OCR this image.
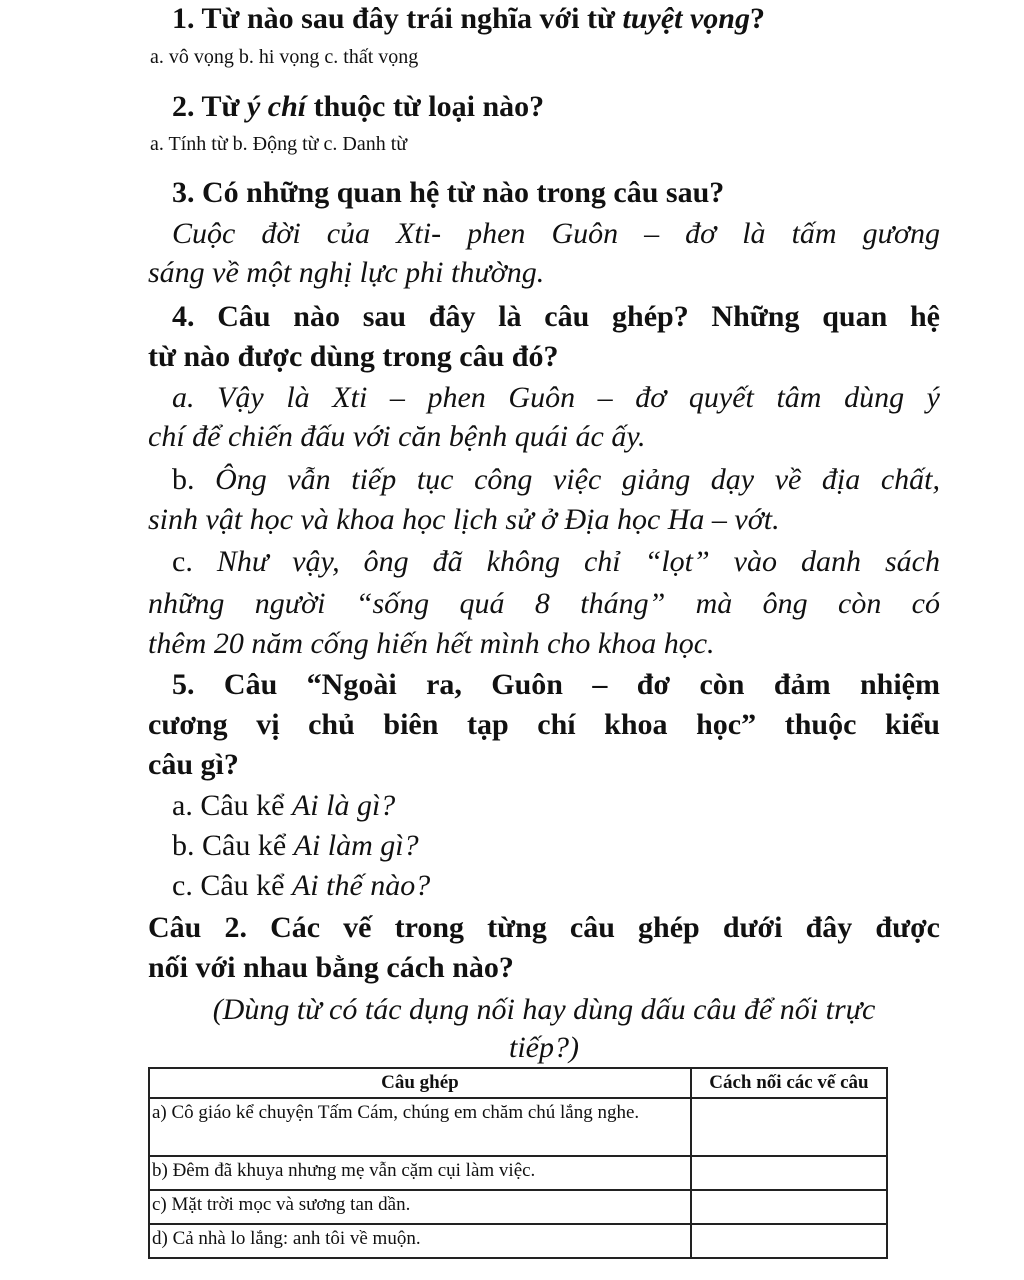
1. Từ nào sau đây trái nghĩa với từ tuyệt vọng?
a. vô vọng b. hi vọng c. thất vọng
2. Từ ý chí thuộc từ loại nào?
a. Tính từ b. Động từ c. Danh từ
3. Có những quan hệ từ nào trong câu sau?
Cuộc đời của Xti- phen Guôn – đơ là tấm gương
sáng về một nghị lực phi thường.
4. Câu nào sau đây là câu ghép? Những quan hệ
từ nào được dùng trong câu đó?
a. Vậy là Xti – phen Guôn – đơ quyết tâm dùng ý
chí để chiến đấu với căn bệnh quái ác ấy.
b. Ông vẫn tiếp tục công việc giảng dạy về địa chất,
sinh vật học và khoa học lịch sử ở Địa học Ha – vớt.
c. Như vậy, ông đã không chỉ “lọt” vào danh sách
những người “sống quá 8 tháng” mà ông còn có
thêm 20 năm cống hiến hết mình cho khoa học.
5. Câu “Ngoài ra, Guôn – đơ còn đảm nhiệm
cương vị chủ biên tạp chí khoa học” thuộc kiểu
câu gì?
a. Câu kể Ai là gì?
b. Câu kể Ai làm gì?
c. Câu kể Ai thế nào?
Câu 2. Các vế trong từng câu ghép dưới đây được
nối với nhau bằng cách nào?
(Dùng từ có tác dụng nối hay dùng dấu câu để nối trực
tiếp?)
Câu ghép	Cách nối các vế câu
a) Cô giáo kể chuyện Tấm Cám, chúng em chăm chú lắng nghe.	
b) Đêm đã khuya nhưng mẹ vẫn cặm cụi làm việc.	
c) Mặt trời mọc và sương tan dần.	
d) Cả nhà lo lắng: anh tôi về muộn.	
